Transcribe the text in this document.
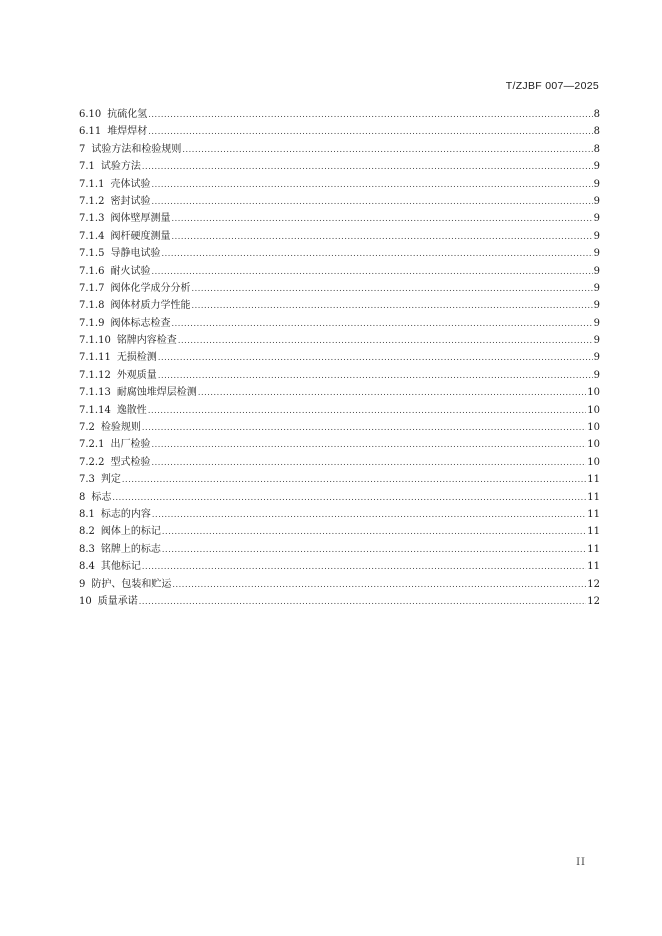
T/ZJBF 007—2025
6.10 抗硫化氢 .....	8
6.11 堆焊焊材 .....	8
7 试验方法和检验规则 .....	8
7.1 试验方法 .....	9
7.1.1 壳体试验 .....	9
7.1.2 密封试验 .....	9
7.1.3 阀体壁厚测量 .....	9
7.1.4 阀杆硬度测量 .....	9
7.1.5 导静电试验 .....	9
7.1.6 耐火试验 .....	9
7.1.7 阀体化学成分分析 .....	9
7.1.8 阀体材质力学性能 .....	9
7.1.9 阀体标志检查 .....	9
7.1.10 铭牌内容检查 .....	9
7.1.11 无损检测 .....	9
7.1.12 外观质量 .....	9
7.1.13 耐腐蚀堆焊层检测 .....	10
7.1.14 逸散性 .....	10
7.2 检验规则 .....	10
7.2.1 出厂检验 .....	10
7.2.2 型式检验 .....	10
7.3 判定 .....	11
8 标志 .....	11
8.1 标志的内容 .....	11
8.2 阀体上的标记 .....	11
8.3 铭牌上的标志 .....	11
8.4 其他标记 .....	11
9 防护、包装和贮运 .....	12
10 质量承诺 .....	12
II
